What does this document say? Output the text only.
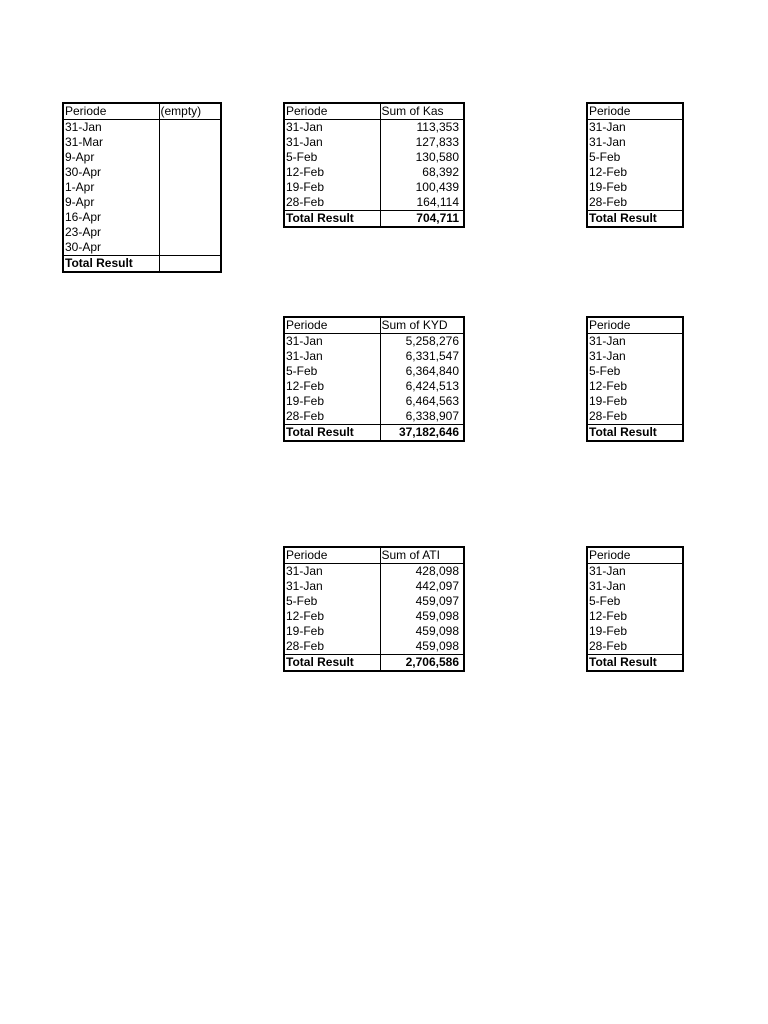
Periode	(empty)
31-Jan	
31-Mar	
9-Apr	
30-Apr	
1-Apr	
9-Apr	
16-Apr	
23-Apr	
30-Apr	
Total Result	
Periode	Sum of Kas
31-Jan	113,353
31-Jan	127,833
5-Feb	130,580
12-Feb	68,392
19-Feb	100,439
28-Feb	164,114
Total Result	704,711
Periode	Sum of KYD
31-Jan	5,258,276
31-Jan	6,331,547
5-Feb	6,364,840
12-Feb	6,424,513
19-Feb	6,464,563
28-Feb	6,338,907
Total Result	37,182,646
Periode	Sum of ATI
31-Jan	428,098
31-Jan	442,097
5-Feb	459,097
12-Feb	459,098
19-Feb	459,098
28-Feb	459,098
Total Result	2,706,586
Periode
31-Jan
31-Jan
5-Feb
12-Feb
19-Feb
28-Feb
Total Result
Periode
31-Jan
31-Jan
5-Feb
12-Feb
19-Feb
28-Feb
Total Result
Periode
31-Jan
31-Jan
5-Feb
12-Feb
19-Feb
28-Feb
Total Result
